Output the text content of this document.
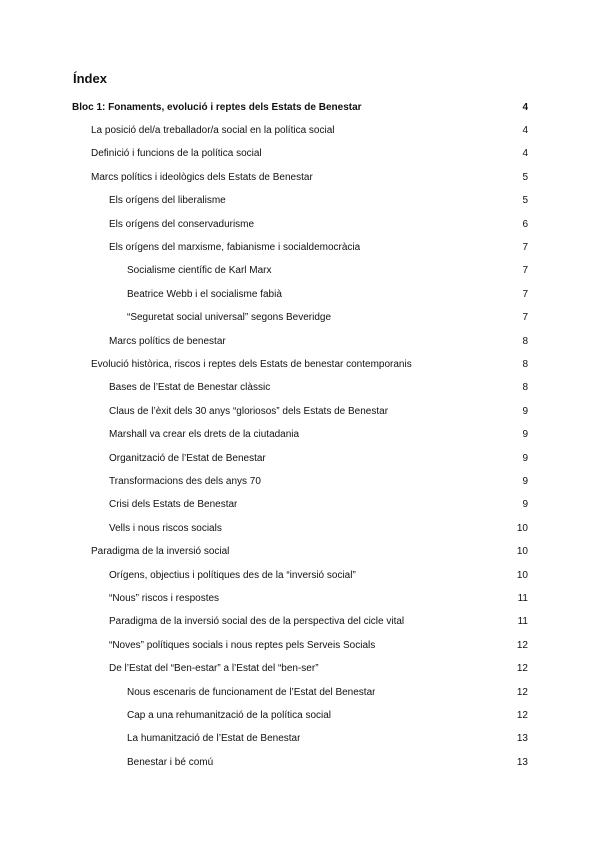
Índex
Bloc 1: Fonaments, evolució i reptes dels Estats de Benestar	4
La posició del/a treballador/a social en la política social	4
Definició i funcions de la política social	4
Marcs polítics i ideològics dels Estats de Benestar	5
Els orígens del liberalisme	5
Els orígens del conservadurisme	6
Els orígens del marxisme, fabianisme i socialdemocràcia	7
Socialisme científic de Karl Marx	7
Beatrice Webb i el socialisme fabià	7
“Seguretat social universal” segons Beveridge	7
Marcs polítics de benestar	8
Evolució històrica, riscos i reptes dels Estats de benestar contemporanis	8
Bases de l’Estat de Benestar clàssic	8
Claus de l’èxit dels 30 anys “gloriosos” dels Estats de Benestar	9
Marshall va crear els drets de la ciutadania	9
Organització de l’Estat de Benestar	9
Transformacions des dels anys 70	9
Crisi dels Estats de Benestar	9
Vells i nous riscos socials	10
Paradigma de la inversió social	10
Orígens, objectius i polítiques des de la “inversió social”	10
“Nous” riscos i respostes	11
Paradigma de la inversió social des de la perspectiva del cicle vital	11
“Noves” polítiques socials i nous reptes pels Serveis Socials	12
De l’Estat del “Ben-estar” a l’Estat del “ben-ser”	12
Nous escenaris de funcionament de l’Estat del Benestar	12
Cap a una rehumanització de la política social	12
La humanització de l’Estat de Benestar	13
Benestar i bé comú	13
